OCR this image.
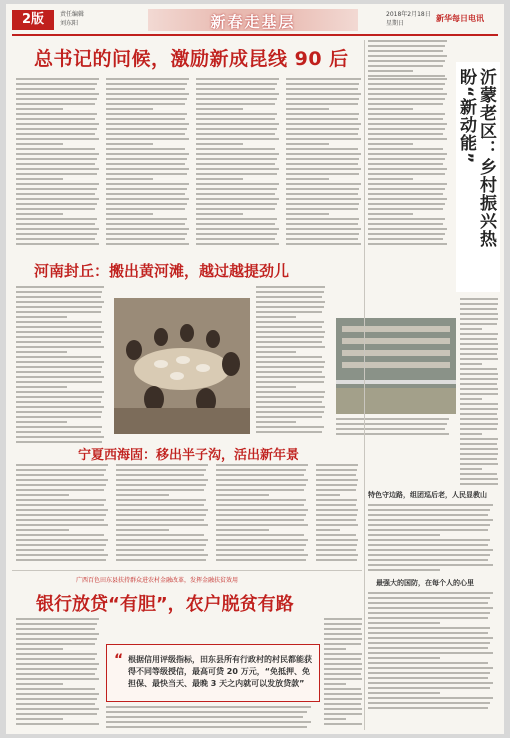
2版	责任编辑
刘东阳	新春走基层	2018年2月18日
星期日
新华每日电讯
总书记的问候，激励新成昆线 90 后
沂蒙老区：乡村振兴热盼“新动能”
河南封丘：搬出黄河滩，越过越提劲儿
宁夏西海固：移出半子沟，活出新年景
特色守边路，组团巡后老，人民显教山
最强大的国防，在每个人的心里
广西百色田东县扶持群众进农村金融改革，发挥金融扶贫效用
银行放贷“有胆”，农户脱贫有路
“ 根据信用评级指标，田东县所有行政村的村民都能获得不同等级授信，最高可贷 20 万元，“免抵押、免担保、最快当天、最晚 3 天之内就可以发放贷款”
